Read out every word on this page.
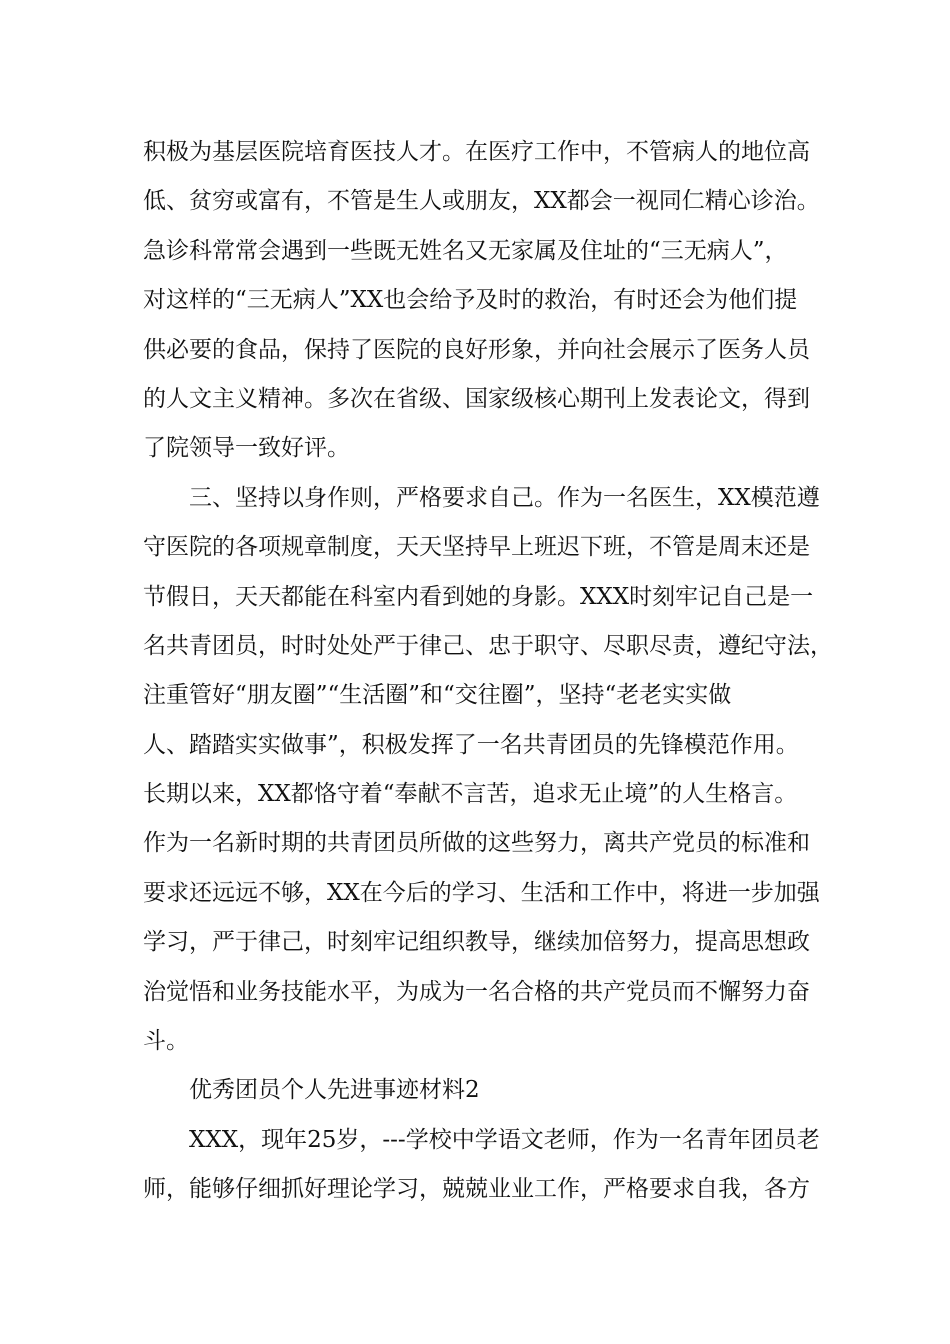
积极为基层医院培育医技人才。在医疗工作中，不管病人的地位高
低、贫穷或富有，不管是生人或朋友，XX都会一视同仁精心诊治。
急诊科常常会遇到一些既无姓名又无家属及住址的“三无病人”，
对这样的“三无病人”XX也会给予及时的救治，有时还会为他们提
供必要的食品，保持了医院的良好形象，并向社会展示了医务人员
的人文主义精神。多次在省级、国家级核心期刊上发表论文，得到
了院领导一致好评。
　　三、坚持以身作则，严格要求自己。作为一名医生，XX模范遵
守医院的各项规章制度，天天坚持早上班迟下班，不管是周末还是
节假日，天天都能在科室内看到她的身影。XXX时刻牢记自己是一
名共青团员，时时处处严于律己、忠于职守、尽职尽责，遵纪守法，
注重管好“朋友圈”“生活圈”和“交往圈”，坚持“老老实实做
人、踏踏实实做事”，积极发挥了一名共青团员的先锋模范作用。
长期以来，XX都恪守着“奉献不言苦，追求无止境”的人生格言。
作为一名新时期的共青团员所做的这些努力，离共产党员的标准和
要求还远远不够，XX在今后的学习、生活和工作中，将进一步加强
学习，严于律己，时刻牢记组织教导，继续加倍努力，提高思想政
治觉悟和业务技能水平，为成为一名合格的共产党员而不懈努力奋
斗。
　　优秀团员个人先进事迹材料2
　　XXX，现年25岁，---学校中学语文老师，作为一名青年团员老
师，能够仔细抓好理论学习，兢兢业业工作，严格要求自我，各方
